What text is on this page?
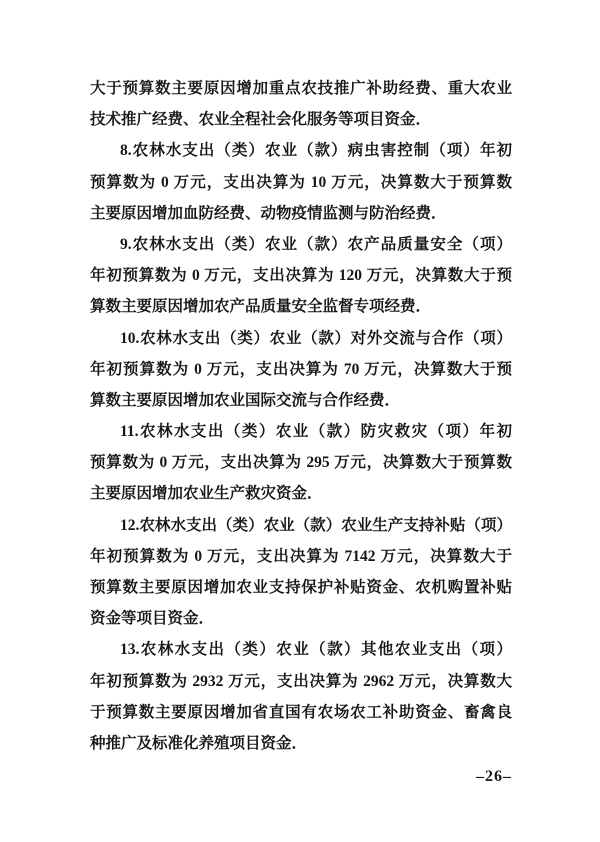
大于预算数主要原因增加重点农技推广补助经费、重大农业
技术推广经费、农业全程社会化服务等项目资金．
8.农林水支出（类）农业（款）病虫害控制（项）年初
预算数为 0 万元，支出决算为 10 万元，决算数大于预算数
主要原因增加血防经费、动物疫情监测与防治经费．
9.农林水支出（类）农业（款）农产品质量安全（项）
年初预算数为 0 万元，支出决算为 120 万元，决算数大于预
算数主要原因增加农产品质量安全监督专项经费．
10.农林水支出（类）农业（款）对外交流与合作（项）
年初预算数为 0 万元，支出决算为 70 万元，决算数大于预
算数主要原因增加农业国际交流与合作经费．
11.农林水支出（类）农业（款）防灾救灾（项）年初
预算数为 0 万元，支出决算为 295 万元，决算数大于预算数
主要原因增加农业生产救灾资金．
12.农林水支出（类）农业（款）农业生产支持补贴（项）
年初预算数为 0 万元，支出决算为 7142 万元，决算数大于
预算数主要原因增加农业支持保护补贴资金、农机购置补贴
资金等项目资金．
13.农林水支出（类）农业（款）其他农业支出（项）
年初预算数为 2932 万元，支出决算为 2962 万元，决算数大
于预算数主要原因增加省直国有农场农工补助资金、畜禽良
种推广及标准化养殖项目资金．
–26–
